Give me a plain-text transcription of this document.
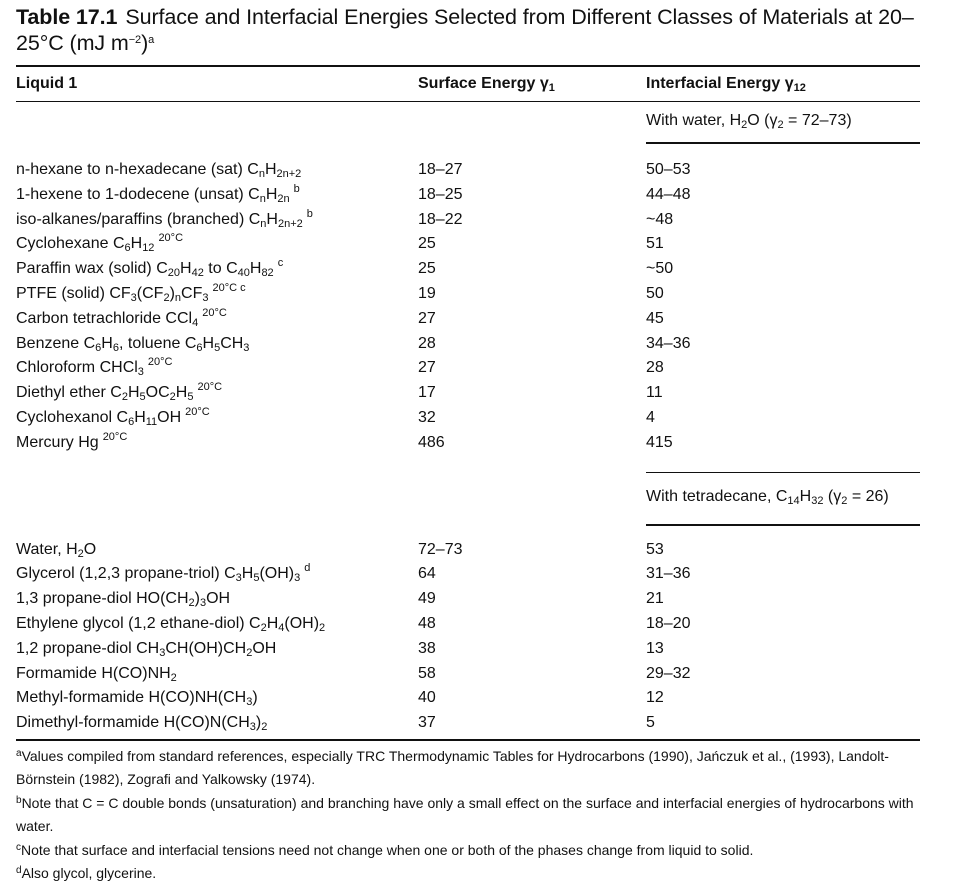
Table 17.1 Surface and Interfacial Energies Selected from Different Classes of Materials at 20–25°C (mJ $m^{-2})^a$
Liquid 1	Surface Energy $\gamma_1$	Interfacial Energy $\gamma_{12}$
With water, $H_2O$ $(\gamma_2 = 72-73)$
n-hexane to n-hexadecane (sat) $C_nH_{2n+2}$	18–27	50–53
1-hexene to 1-dodecene (unsat) $C_nH_{2n}^b$	18–25	44–48
iso-alkanes/paraffins (branched) $C_nH_{2n+2}^b$	18–22	~48
Cyclohexane $C_6H_{12}^{20^\circ C}$	25	51
Paraffin wax (solid) $C_{20}H_{42}$ to $C_{40}H_{82}^c$	25	~50
PTFE (solid) $CF_3(CF_2)_nCF_3^{20^\circ C c}$	19	50
Carbon tetrachloride CCl$_4^{20^\circ C}$	27	45
Benzene $C_6H_6$, toluene $C_6H_5CH_3$	28	34–36
Chloroform CHCl$_3^{20^\circ C}$	27	28
Diethyl ether $C_2H_5OC_2H_5^{20^\circ C}$	17	11
Cyclohexanol $C_6H_{11}OH$ $^{20^\circ C}$	32	4
Mercury Hg $^{20^\circ C}$	486	415
With tetradecane, $C_{14}H_{32}$ $(\gamma_2 = 26)$
Water, $H_2O$	72–73	53
Glycerol (1,2,3 propane-triol) $C_3H_5(OH)_3^d$	64	31–36
1,3 propane-diol $HO(CH_2)_3OH$	49	21
Ethylene glycol (1,2 ethane-diol) $C_2H_4(OH)_2$	48	18–20
1,2 propane-diol $CH_3CH(OH)CH_2OH$	38	13
Formamide $H(CO)NH_2$	58	29–32
Methyl-formamide $H(CO)NH(CH_3)$	40	12
Dimethyl-formamide $H(CO)N(CH_3)_2$	37	5

$^a$Values compiled from standard references, especially TRC Thermodynamic Tables for Hydrocarbons (1990), Jańczuk et al., (1993), Landolt-Börnstein (1982), Zografi and Yalkowsky (1974).

$^b$Note that C = C double bonds (unsaturation) and branching have only a small effect on the surface and interfacial energies of hydrocarbons with water.

$^c$Note that surface and interfacial tensions need not change when one or both of the phases change from liquid to solid.

$^d$Also glycol, glycerine.
